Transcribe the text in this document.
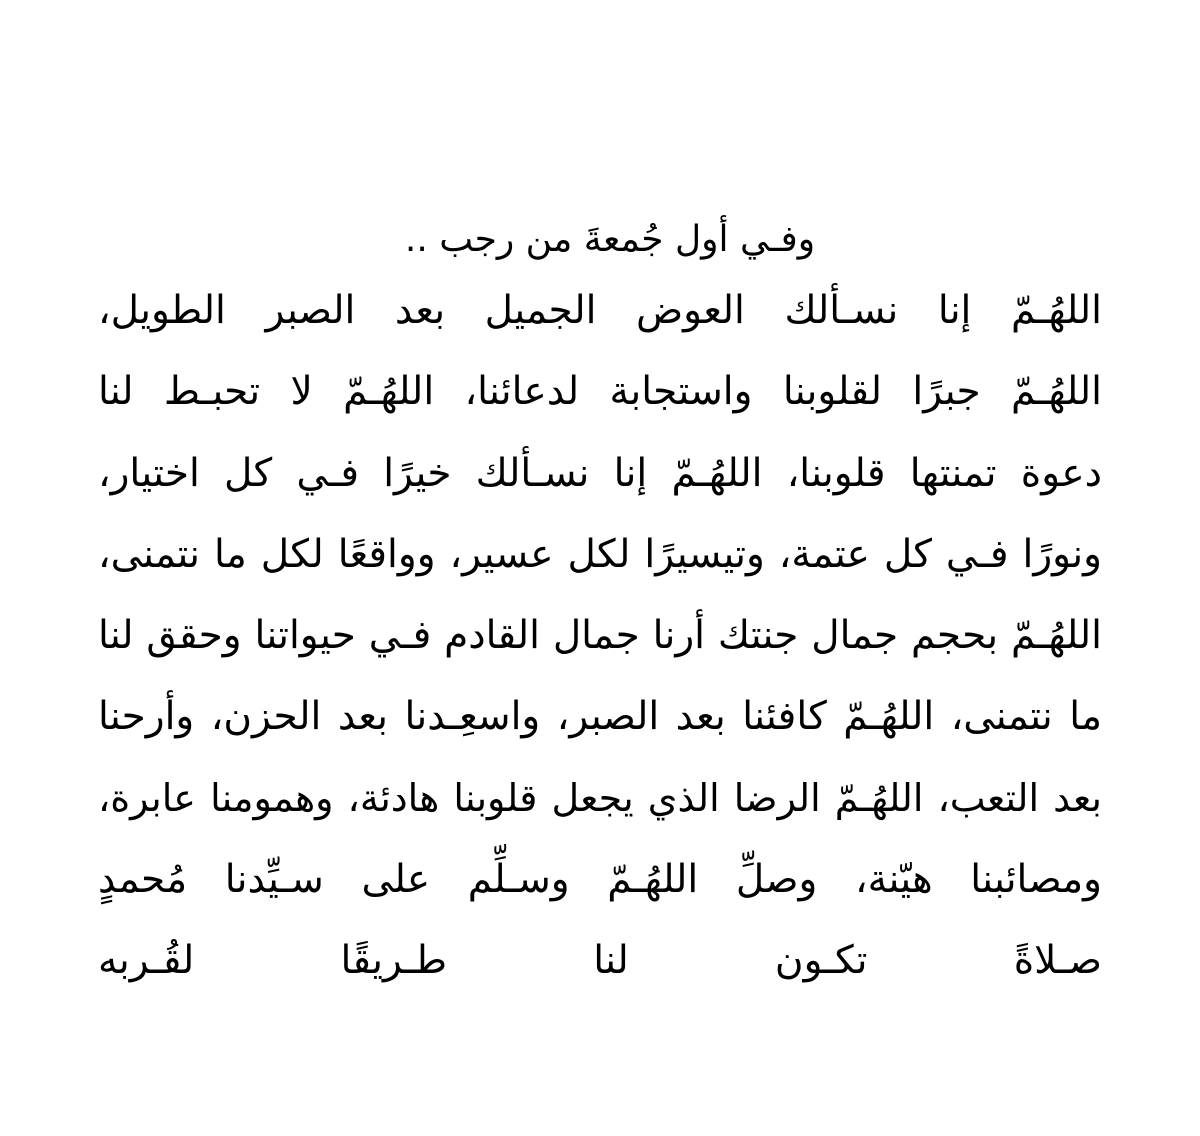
وفـي أول جُمعةَ من رجب ..
اللهُـمّ إنا نسـألك العوض الجميل بعد الصبر الطويل،
اللهُـمّ جبرًا لقلوبنا واستجابة لدعائنا، اللهُـمّ لا تحبـط لنا
دعوة تمنتها قلوبنا، اللهُـمّ إنا نسـألك خيرًا فـي كل اختيار،
ونورًا فـي كل عتمة، وتيسيرًا لكل عسير، وواقعًا لكل ما نتمنى،
اللهُـمّ بحجم جمال جنتك أرنا جمال القادم فـي حيواتنا وحقق لنا
ما نتمنى، اللهُـمّ كافئنا بعد الصبر، واسعِـدنا بعد الحزن، وأرحنا
بعد التعب، اللهُـمّ الرضا الذي يجعل قلوبنا هادئة، وهمومنا عابرة،
ومصائبنا هيّنة، وصلِّ اللهُـمّ وسـلِّم على سـيِّدنا مُحمدٍ
صـلاةً تكـون لنا طـريقًا لقُـربه
